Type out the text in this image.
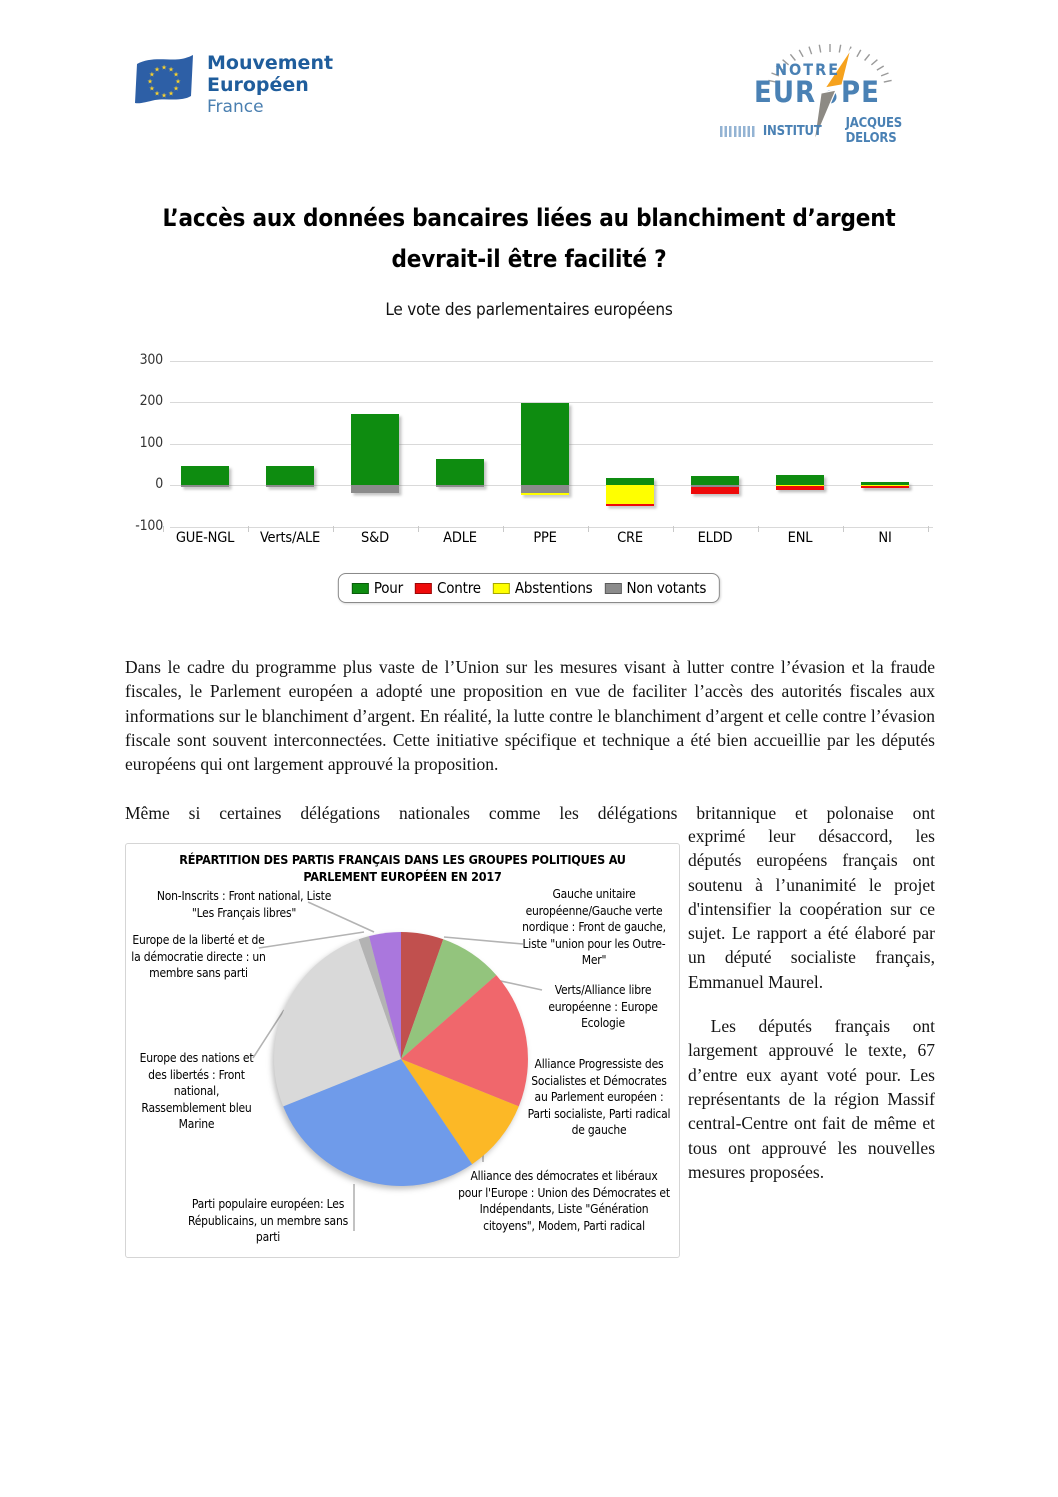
★ ★
★
★
★
★
★
★
★
★
★
★ Mouvement
Européen
France
NOTRE
EUR PE
INSTITUT JACQUES DELORS
L’accès aux données bancaires liées au blanchiment d’argent
devrait-il être facilité ?
Le vote des parlementaires européens
300
200
100
0
-100
GUE-NGL	Verts/ALE	S&D	ADLE	PPE	CRE	ELDD	ENL	NI
Pour Contre Abstentions Non votants
Dans le cadre du programme plus vaste de l’Union sur les mesures visant à lutter contre l’évasion et la fraude fiscales, le Parlement européen a adopté une proposition en vue de faciliter l’accès des autorités fiscales aux informations sur le blanchiment d’argent. En réalité, la lutte contre le blanchiment d’argent et celle contre l’évasion fiscale sont souvent interconnectées. Cette initiative spécifique et technique a été bien accueillie par les députés européens qui ont largement approuvé la proposition.
Même si certaines délégations nationales comme les délégations britannique et polonaise ont
exprimé leur désaccord, les députés européens français ont soutenu à l’unanimité le projet d'intensifier la coopération sur ce sujet. Le rapport a été élaboré par un député socialiste français, Emmanuel Maurel.
Les députés français ont largement approuvé le texte, 67 d’entre eux ayant voté pour. Les représentants de la région Massif central-Centre ont fait de même et tous ont approuvé les nouvelles mesures proposées.
RÉPARTITION DES PARTIS FRANÇAIS DANS LES GROUPES POLITIQUES AU PARLEMENT EUROPÉEN EN 2017
Non-Inscrits : Front national, Liste "Les Français libres"
Europe de la liberté et de la démocratie directe : un membre sans parti
Europe des nations et des libertés : Front national, Rassemblement bleu Marine
Parti populaire européen: Les Républicains, un membre sans parti
Gauche unitaire européenne/Gauche verte nordique : Front de gauche, Liste "union pour les Outre-Mer"
Verts/Alliance libre européenne : Europe Ecologie
Alliance Progressiste des Socialistes et Démocrates au Parlement européen : Parti socialiste, Parti radical de gauche
Alliance des démocrates et libéraux pour l'Europe : Union des Démocrates et Indépendants, Liste "Génération citoyens", Modem, Parti radical
